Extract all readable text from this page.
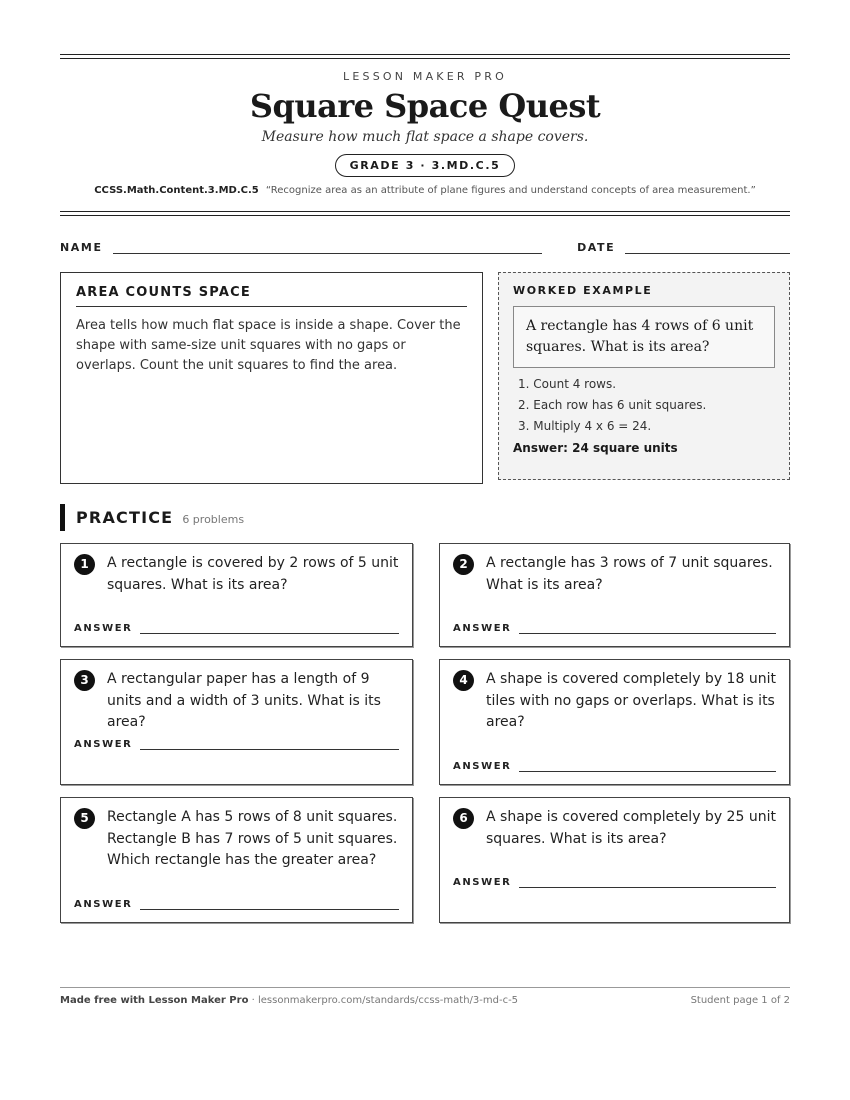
LESSON MAKER PRO
Square Space Quest
Measure how much flat space a shape covers.
GRADE 3 · 3.MD.C.5
CCSS.Math.Content.3.MD.C.5 “Recognize area as an attribute of plane figures and understand concepts of area measurement.”
NAME	DATE
AREA COUNTS SPACE
Area tells how much flat space is inside a shape. Cover the shape with same-size unit squares with no gaps or overlaps. Count the unit squares to find the area.
WORKED EXAMPLE
A rectangle has 4 rows of 6 unit squares. What is its area?
1. Count 4 rows.
2. Each row has 6 unit squares.
3. Multiply 4 x 6 = 24.
Answer: 24 square units
PRACTICE 6 problems
1	A rectangle is covered by 2 rows of 5 unit squares. What is its area?
ANSWER
2	A rectangle has 3 rows of 7 unit squares. What is its area?
ANSWER
3	A rectangular paper has a length of 9 units and a width of 3 units. What is its area?
ANSWER
4	A shape is covered completely by 18 unit tiles with no gaps or overlaps. What is its area?
ANSWER
5	Rectangle A has 5 rows of 8 unit squares. Rectangle B has 7 rows of 5 unit squares. Which rectangle has the greater area?
ANSWER
6	A shape is covered completely by 25 unit squares. What is its area?
ANSWER
Made free with Lesson Maker Pro · lessonmakerpro.com/standards/ccss-math/3-md-c-5	Student page 1 of 2
